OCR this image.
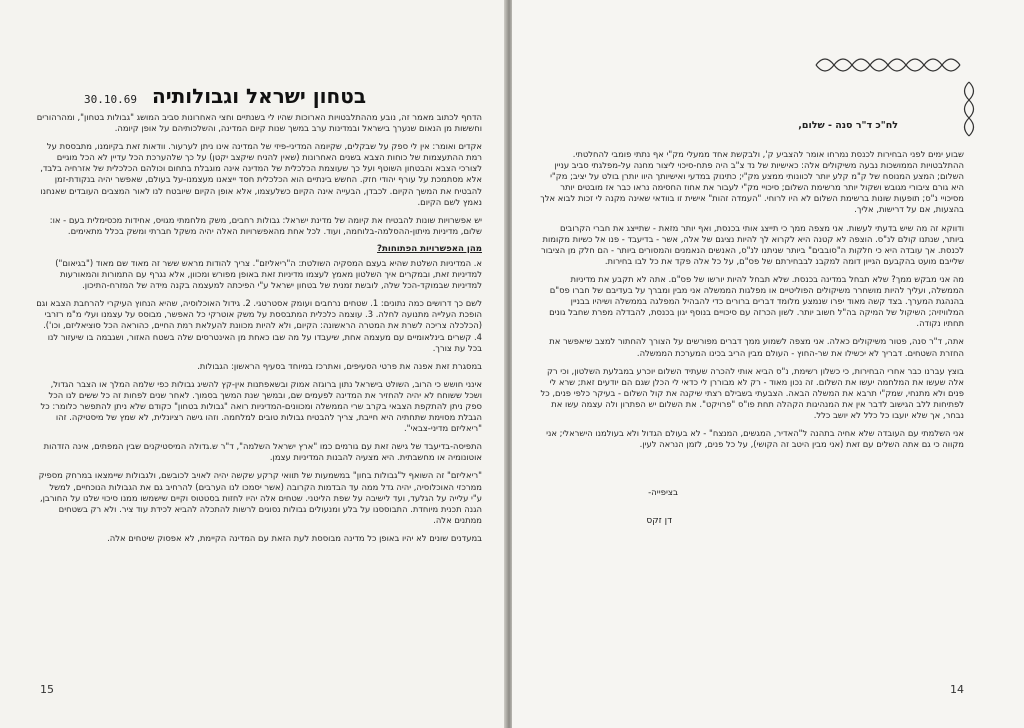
30.10.69 בטחון ישראל וגבולותיה

הדחף לכתוב מאמר זה, נובע מההתלבטויות הארוכות שהיו לי בשנתיים וחצי האחרונות סביב המושג "גבולות בטחון", ומהרהורים וחששות מן הנאום שנערך בישראל ובמדינות ערב במשך שנות קיום המדינה, והשלכותיהם על אופן קיומה.

אקדים ואומר: אין לי ספק על שבקלים, שקיומה המדיני-פיזי של המדינה אינו ניתן לערעור. וודאות זאת בקיומנו, מתבססת על רמת ההתעצמות של כוחות הצבא בשנים האחרונות (שאין להניח שיקצב יקטן) על כך שלהערכת הכל עדיין לא הכל מוגיים לצורכי הצבא והבטחון השוטף ועל כך שעוצמת הכלכלית של המדינה אינה מוגבלת בתחום וכולהם הכלכלית של אזרחיה בלבד, אלא מסתמכת על עורף יהודי חזק. החשש בינתיים הוא הכלכלית חסד ייצאנו מעצמנו-על בעולם, שאפשר יהיה בנקודת-זמן להבטיח את המשך הקיום. לכבדן, הבעייה אינה הקיום כשלעצמו, אלא אופן הקיום שיובטח לנו לאור המצבים העובדים שאנחנו נאמץ לשם הקיום.

יש אפשרויות שונות להבטיח את קיומה של מדינת ישראל: גבולות רחבים, משק מלחמתי מגויס, אחידות מכסימלית בעם - או: שלום, מדיניות מיתון-ההסלמה-בלוחמה, ועוד. לכל אחת מהאפשרויות האלה יהיה משקל חברתי ומשק בכלל מתאימים.

מהן האפשרויות הפתוחות?

א. המדיניות השלטת שהיא בעצם המסקיה השולטת: ה"ריאליזם". צריך להודות מראש ששר זה מאוד שם מאוד ("בגיאום") למדיניות זאת, ובמקרים איך השלטון מאמץ לעצמו מדיניות זאת באופן מפורש ומכוון, אלא נגרף עם התמורות והמאורעות למדיניות שבמוקד-הכל שלה, לובשת זמנית של בטחון ישראל ע"י הפיכתה למעצמה בקנה מידה של המזרח-התיכון.

לשם כך דרושים כמה נתונים: 1. שטחים נרחבים ועומק אסטרטגי. 2. גידול האוכלוסיה, שהיא הנחוץ העיקרי להרחבת הצבא וגם הופכת העלייה מתנועה לחלה. 3. עוצמה כלכלית המתבססת על משק אוטרקי כל האפשר, מבוסס על עצמנו ועלי מ"מ רזרבי (הכלכלה צריכה לשרת את המטרה הראשונה: הקיום, ולא להיות מכוונת להעלאת רמת החיים, כהוראה הכל סוציאליזם, וכו'). 4. קשרים בינלאומיים עם מעצמה אחת, שיעבדו על מה שבו כאחת מן האינטרסים שלה בשטח האזור, ושגבמה בו שיעזור לנו בכל עת צורך.

במסגרת זאת אפנה את פרטי הסעיפים, ואתרכז במיוחד בסעיף הראשון: הגבולות.

אינני חושש כי הרוב, השולט בישראל נתון ברוגזה אמוק ובשאפתנות אין-קץ להשיג גבולות כפי שלמה המלך או הצבר הגדול, ושכל ששוחח לא יהיה להחזיר את המדינה לפעמים שם, ובמשך שנת המשך בסמוך. לאחר שנים לפחות זה כל ששים לנו הכל ספק ניתן להתקפת הצבאי בקרב שרי הממשלה ומכוונים-המדיניות רואה "גבולות בטחון" כקודם שלא ניתן להתפשר כלומר: כל הגבלת מסוימת שתחתיה היא חייבת, צריך להבטיח גבולות טובים למלחמה. וזהו גישה רציונלית, לא שמץ של מיסטיקה. זהו "ריאליזם מדיני-צבאי".

התפיסה-בדיעבד של גישה זאת עם גורמים כמו "ארץ ישראל השלמה", ד"ר ש.גדולה המיסטיקנים שבין המפתים, אינה הזדהות אוטונומיה או מחשבתית. היא מצעיה להבנות המדיניות עצמן.

"ריאליזם" זה השואף ל"גבולות בחון" במשמעות של תוואי קרקע שקשה יהיה לאויב לכובשם, ולגבולות שיימצאו במרחק מספיק ממרכזי האוכלוסיה, יהיה גדל ממה עד הבדמות הקרובה (אשר יסמכו לנו הערבים) להרחיב גם את הגבולות הנוכחיים, למשל ע"י עלייה על הגלעד, ועד לישיבה על שפת הליטני. שטחים אלה יהיו לחזות בסטטוס וקיים שישמשו ממנו סיכוי שלנו על החורבן, הגנה תכנית מיוחדת. התבוססנו על בלע ומנעולים גבולות נסוגים לרשות להתכלה להביא לכידת עוד ציר. ולא רק בשטחים ממתנים אלה.

במעדנים שונים לא יהיו באופן כל מדינה מבוססת לעת הזאת עם המדינה הקיימת, לא אפסוק שיטחים אלה.

15
לח"כ ד"ר סנה - שלום,

שבוע ימים לפני הבחירות לכנסת נמרחו אומר להצביע ק', ולבקשת אחד ממעלי מק"י אף נתתי פומבי להחלטתי. ההתלבטויות הממושכות נבעה משיקולים אלה: כאישיות של נד צ"ב היה פתח-סיכוי ליצור מחנה על-מפלגתי סביב עניין השלום; המצע המנוסח של ק"מ קלע יותר לכוונותי ממצע מק"י; כתינוק במדעי ואישיותך היוו יותרן בולט על יציב; מק"י היא גורם ציבורי מגובש ושקול יותר מרשימת השלום; סיכויי מק"י לעבור את אחוז החסימה נראו כבר אז מובטים יותר מסיכויי נ"ס; תופעות שונות ברשימת השלום לא היו לרוחי. "העמדה זהות" אישית זו בוודאי שאינה מקנה לי זכות לבוא אלך בהצעות, אם על דרישות, אליך.

ודווקא זה מה שיש בדעתי לעשות. אני מצפה ממך כי תייצג אותי בכנסת, ואף יותר מזאת - שתייצג את חברי הקרובים ביותר, שנתנו קולם לנ"ס. הוצפה לא קטנה היא לקרוא לך להיות נציגם של אלה, אשר - בדיעבד - פנו אל כשיות מקומות לכנסת. אך עובדה היא כי חלקות ה"סובבים" ביותר שניתנו לנ"ס, האנשים הנאמנים והמסורים ביותר - הם חלק מן הציבור שלייבם מועט בהקבעם הגייון דומה למקבנ לבבחירתם של פס"ם, על כל אלה פקד את כל לבו בחירות.

מה אני מבקש ממך? שלא תבחל במדינה בכנסת. שלא תבחל להיות יורשו של פס"ם. אתה לא תקבע את מדיניות הממשלה, ועליך להיות מושחרר משיקולים הפוליטיים או מפלגות הממשלה אני מבין ומברך על בעדיבם של חברו פס"ם בהנהגת המערך. בצד קשה מאוד יפרו שנמצע מלומד דברים ברורים כדי להבהיל המפלגה בממשלה ושיהיו בבניין המלוויזיה; השיקול של המיקה בה"ל חשוב יותר. לשון הכרזה עם סיכויים בנוסף יגון בכנסת, להבדלה מפרת שחבל גונים תחתיו נקודה.

אתה, ד"ר סנה, פטור משיקולים כאלה. אני מצפה לשמוע ממך דברים מפורשים על הצורך להחתור למצב שיאפשר את החזרת השטחים. דבריך לא יכשילו את שר-החוץ - העולם מבין הריב בכינו המערכת הממשלה.

בוצץ עברנו כבר אחרי הבחירות, כי כשלון רשימת, נ"ס הביא אותי להכרה שעתיד השלום יוכרע במבלעת השלטון, וכי רק אלה שעשו את המלחמה יעשו את השלום. זה נכון מאוד - רק לא מבוררן לי כדאי לי הכלן שגם הם יודעים זאת; שרא לי פנים ולא מתנחי, שמק"י תרבא את המשלה הבאה. הצבעתי בשבילם רצתי שיקנה את קול השלום - בעיקר כלפי פנים, כל לפתיחות ללב הגישוב לדבר אין את המנהיגות הקהלה תחת פו"ס "פרויקט". את השלום יש הפתרון ולה עצמה עשו את נבחר, אך שלא יועבו כל כלל לא יושב כלל.

אני השלמתי עם העובדה שלא אחיה בתהנה ל"האדיר, המגשים, המנצח" - לא בעולם הגדול ולא בעולמנו הישראלי; אני מקווה כי גם אתה השלים עם זאת (אני מבין היטב זה הקושי), על כל פנים, לזמן הנראה לעין.

בציפייה-
דן זקס
14
